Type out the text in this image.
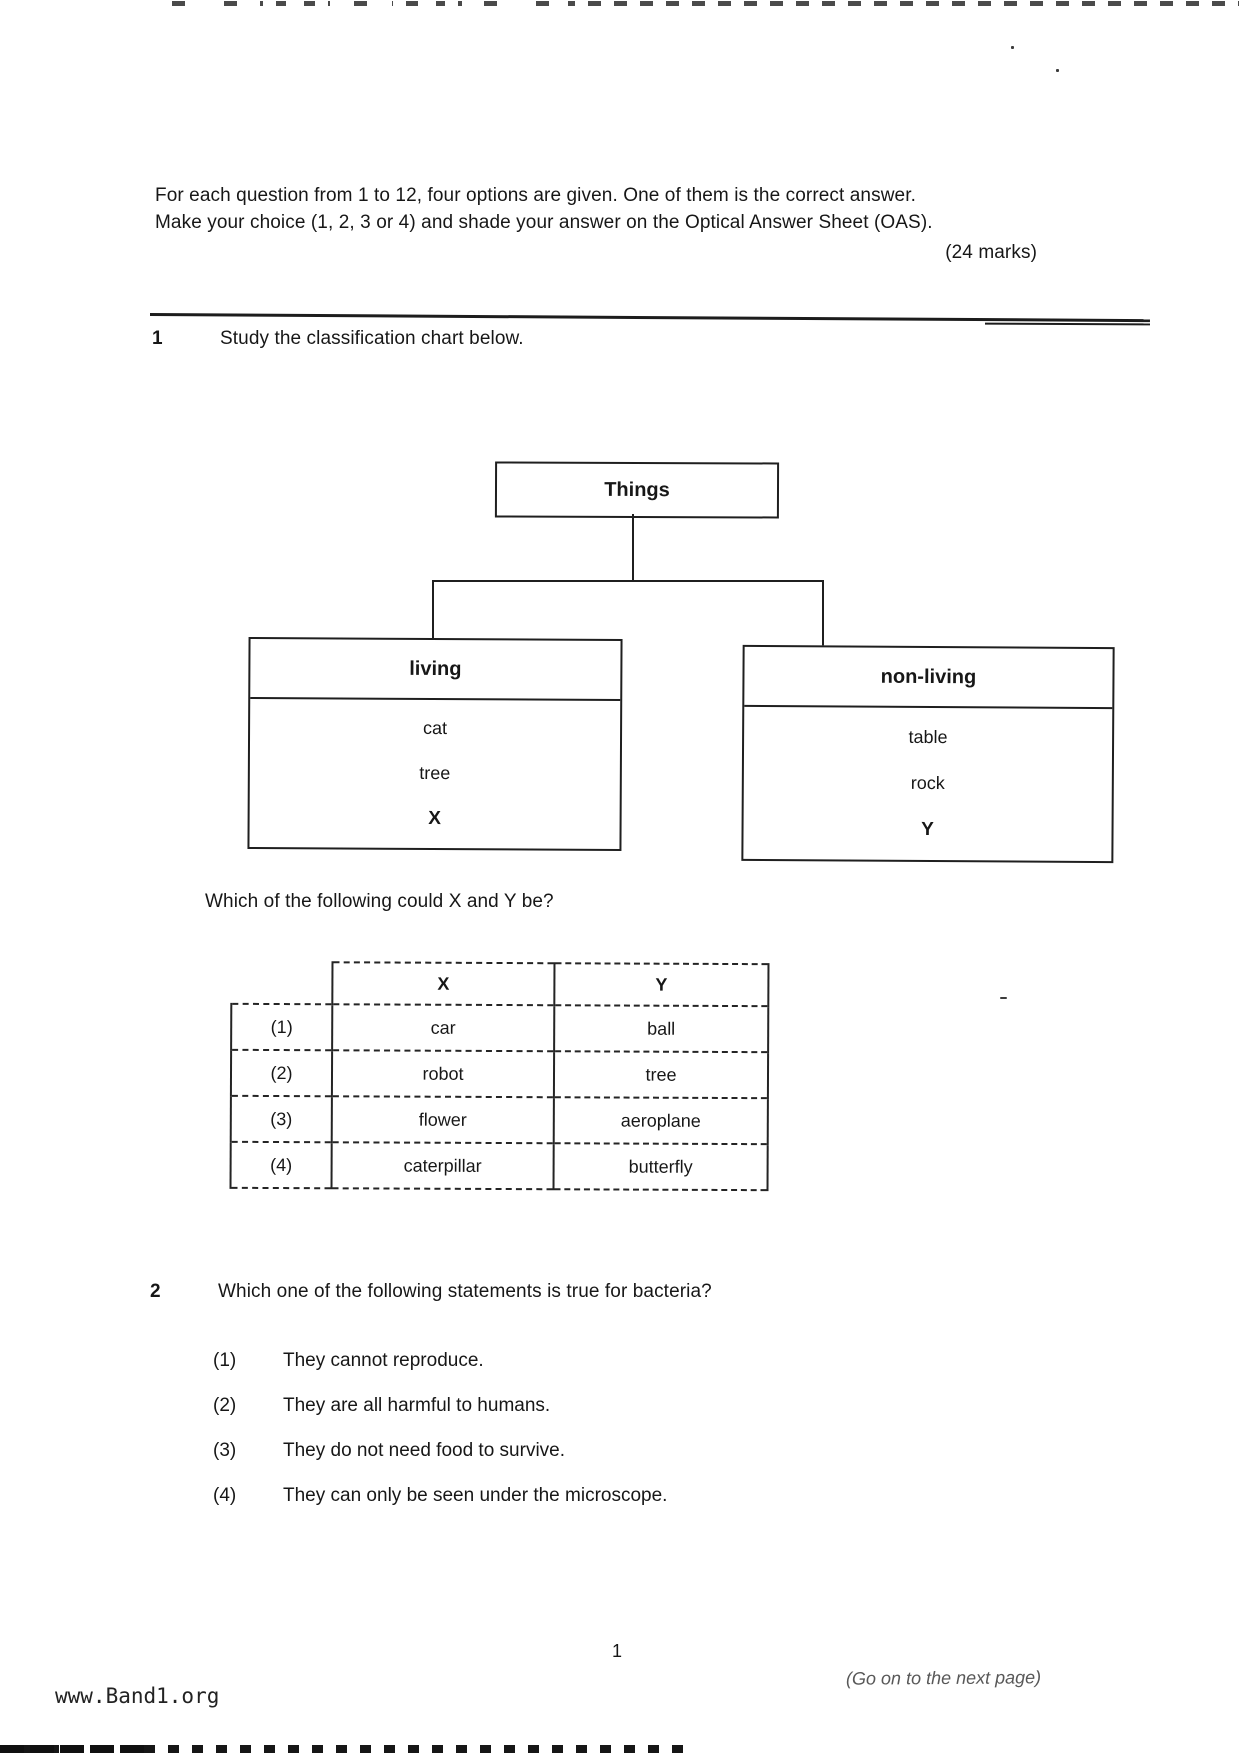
For each question from 1 to 12, four options are given. One of them is the correct answer.
Make your choice (1, 2, 3 or 4) and shade your answer on the Optical Answer Sheet (OAS).
(24 marks)
1	Study the classification chart below.
Things
living
cat
tree
X
non-living
table
rock
Y
Which of the following could X and Y be?
	X	Y
(1)	car	ball
(2)	robot	tree
(3)	flower	aeroplane
(4)	caterpillar	butterfly
2	Which one of the following statements is true for bacteria?
(1)	They cannot reproduce.
(2)	They are all harmful to humans.
(3)	They do not need food to survive.
(4)	They can only be seen under the microscope.
1
www.Band1.org
(Go on to the next page)
